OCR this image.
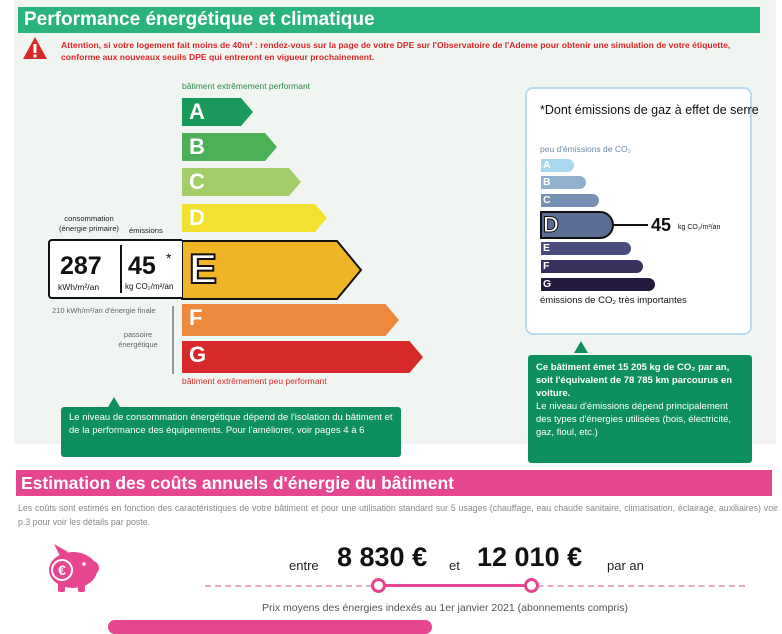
Performance énergétique et climatique
Attention, si votre logement fait moins de 40m² : rendez-vous sur la page de votre DPE sur l'Observatoire de l'Ademe pour obtenir une simulation de votre étiquette, conforme aux nouveaux seuils DPE qui entreront en vigueur prochainement.
bâtiment extrêmement performant
A
B
C
D
E
F
G
consommation (énergie primaire) émissions
287
kWh/m²/an
45 *
kg CO₂/m²/an
210 kWh/m²/an d'énergie finale
passoire énergétique
bâtiment extrêmement peu performant
Le niveau de consommation énergétique dépend de l'isolation du bâtiment et de la performance des équipements. Pour l'améliorer, voir pages 4 à 6
*Dont émissions de gaz à effet de serre
peu d'émissions de CO₂
A
B
C
D
E
F
G
45 kg CO₂/m²/an
émissions de CO₂ très importantes
Ce bâtiment émet 15 205 kg de CO₂ par an, soit l'équivalent de 78 785 km parcourus en voiture.
Le niveau d'émissions dépend principalement des types d'énergies utilisées (bois, électricité, gaz, fioul, etc.)
Estimation des coûts annuels d'énergie du bâtiment
Les coûts sont estimés en fonction des caractéristiques de votre bâtiment et pour une utilisation standard sur 5 usages (chauffage, eau chaude sanitaire, climatisation, éclairage, auxiliaires) voir p.3 pour voir les détails par poste.
€	entre 8 830 € et 12 010 € par an
Prix moyens des énergies indexés au 1er janvier 2021 (abonnements compris)
